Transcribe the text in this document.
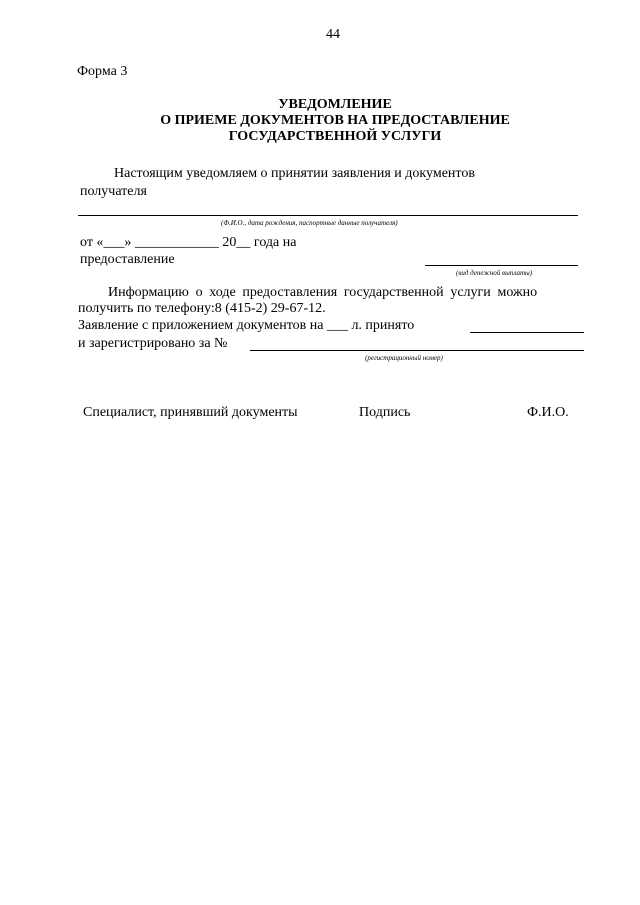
44
Форма 3
УВЕДОМЛЕНИЕ
О ПРИЕМЕ ДОКУМЕНТОВ НА ПРЕДОСТАВЛЕНИЕ
ГОСУДАРСТВЕННОЙ УСЛУГИ
Настоящим уведомляем о принятии заявления и документов
получателя
(Ф.И.О., дата рождения, паспортные данные получателя)
от «___» ____________ 20__ года на
предоставление
(вид денежной выплаты)
Информацию о ходе предоставления государственной услуги можно
получить по телефону:8 (415-2) 29-67-12.
Заявление с приложением документов на ___ л. принято
и зарегистрировано за №
(регистрационный номер)
Специалист, принявший документы	Подпись	Ф.И.О.
